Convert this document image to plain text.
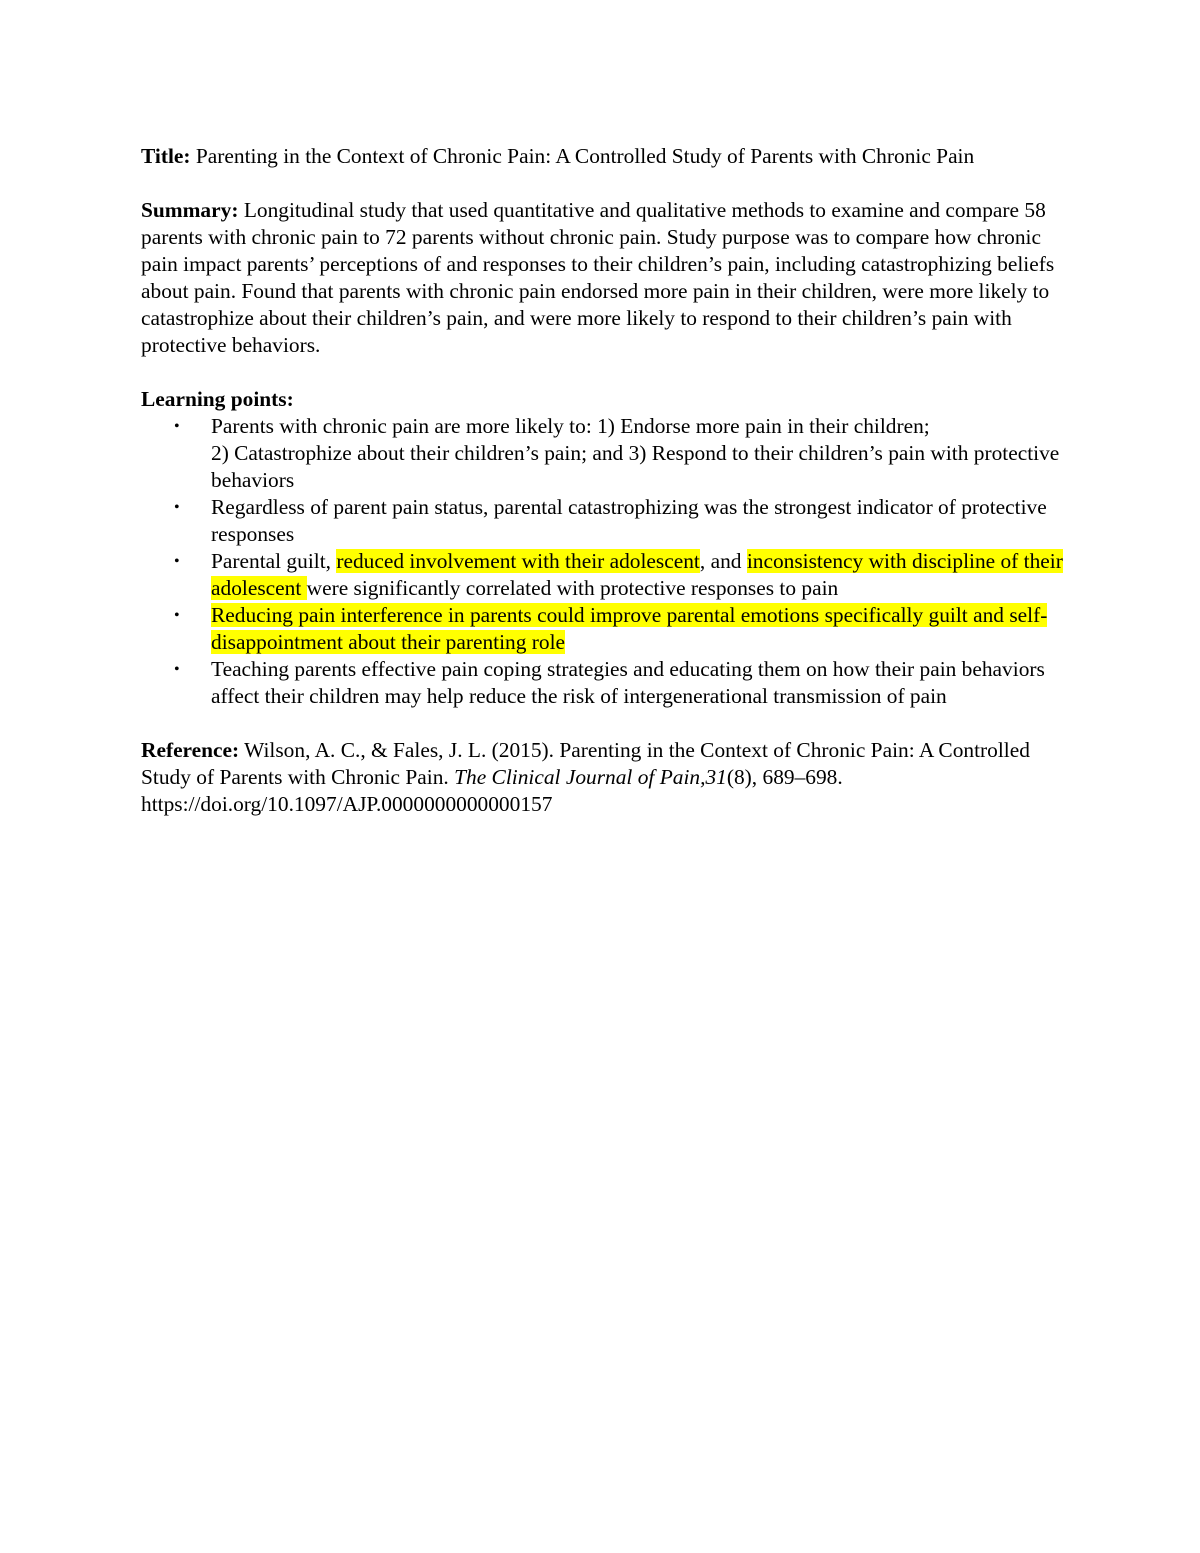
Title: Parenting in the Context of Chronic Pain: A Controlled Study of Parents with Chronic Pain

Summary: Longitudinal study that used quantitative and qualitative methods to examine and compare 58 parents with chronic pain to 72 parents without chronic pain. Study purpose was to compare how chronic pain impact parents’ perceptions of and responses to their children’s pain, including catastrophizing beliefs about pain. Found that parents with chronic pain endorsed more pain in their children, were more likely to catastrophize about their children’s pain, and were more likely to respond to their children’s pain with protective behaviors.

Learning points:

• Parents with chronic pain are more likely to: 1) Endorse more pain in their children;
2) Catastrophize about their children’s pain; and 3) Respond to their children’s pain with protective behaviors
• Regardless of parent pain status, parental catastrophizing was the strongest indicator of protective responses
• Parental guilt, reduced involvement with their adolescent, and inconsistency with discipline of their adolescent were significantly correlated with protective responses to pain
• Reducing pain interference in parents could improve parental emotions specifically guilt and self-disappointment about their parenting role
• Teaching parents effective pain coping strategies and educating them on how their pain behaviors affect their children may help reduce the risk of intergenerational transmission of pain

Reference: Wilson, A. C., & Fales, J. L. (2015). Parenting in the Context of Chronic Pain: A Controlled Study of Parents with Chronic Pain. The Clinical Journal of Pain,31(8), 689–698. https://doi.org/10.1097/AJP.0000000000000157
